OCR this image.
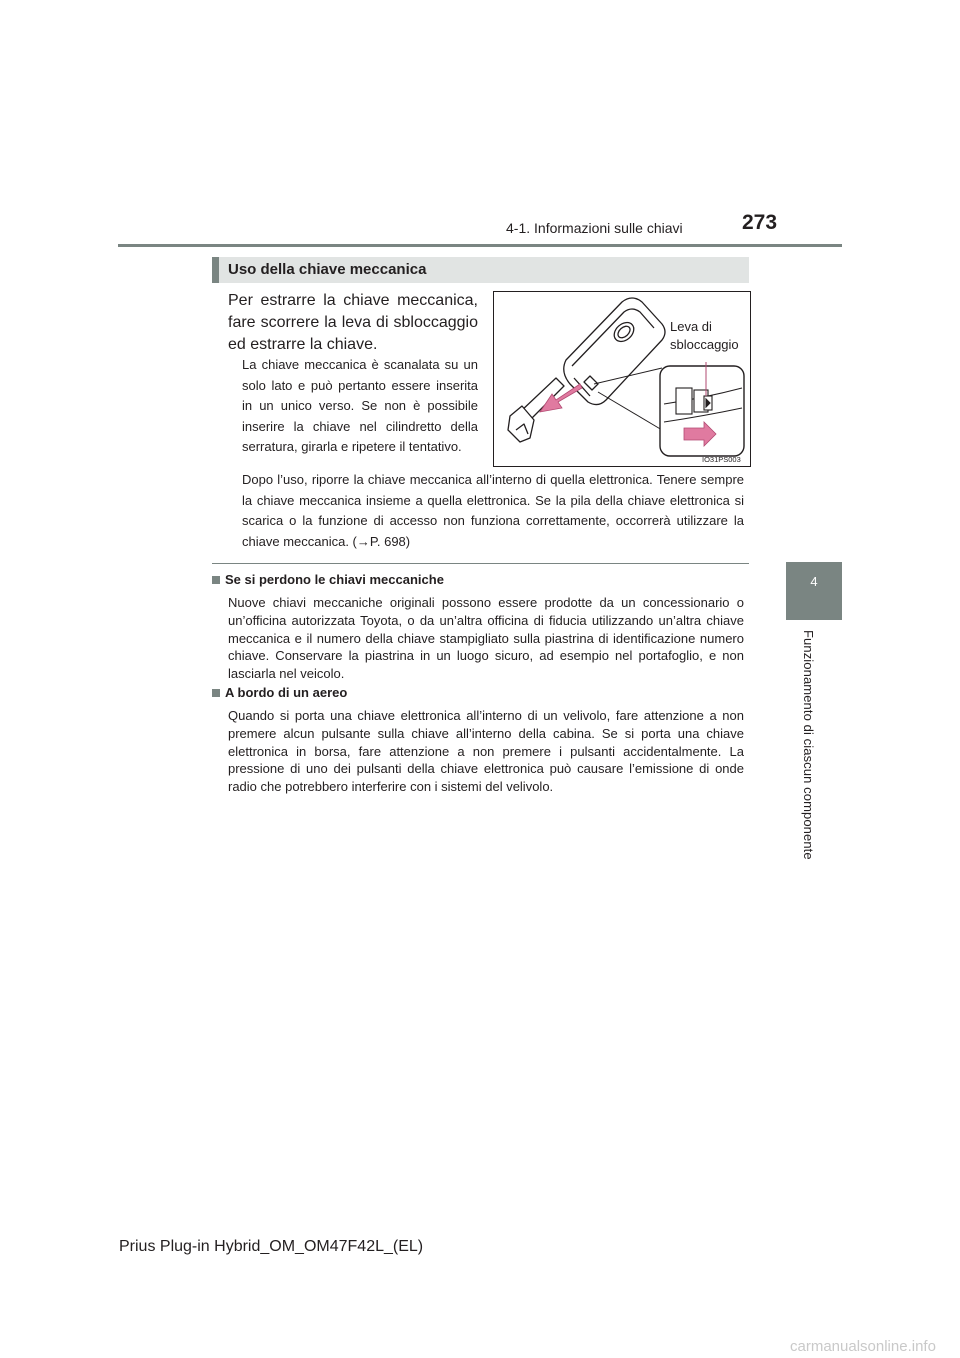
4-1. Informazioni sulle chiavi	273
4
Funzionamento di ciascun componente
Uso della chiave meccanica
Per estrarre la chiave meccanica, fare scorrere la leva di sbloccaggio ed estrarre la chiave.
La chiave meccanica è scanalata su un solo lato e può pertanto essere inserita in un unico verso. Se non è possibile inserire la chiave nel cilindretto della serratura, girarla e ripetere il tentativo.
Dopo l’uso, riporre la chiave meccanica all’interno di quella elettronica. Tenere sempre la chiave meccanica insieme a quella elettronica. Se la pila della chiave elettronica si scarica o la funzione di accesso non funziona correttamente, occorrerà utilizzare la chiave meccanica. (→P. 698)
Leva di
sbloccaggio
IO31PS003
Se si perdono le chiavi meccaniche
Nuove chiavi meccaniche originali possono essere prodotte da un concessionario o un’officina autorizzata Toyota, o da un’altra officina di fiducia utilizzando un’altra chiave meccanica e il numero della chiave stampigliato sulla piastrina di identificazione numero chiave. Conservare la piastrina in un luogo sicuro, ad esempio nel portafoglio, e non lasciarla nel veicolo.
A bordo di un aereo
Quando si porta una chiave elettronica all’interno di un velivolo, fare attenzione a non premere alcun pulsante sulla chiave all’interno della cabina. Se si porta una chiave elettronica in borsa, fare attenzione a non premere i pulsanti accidentalmente. La pressione di uno dei pulsanti della chiave elettronica può causare l’emissione di onde radio che potrebbero interferire con i sistemi del velivolo.
Prius Plug-in Hybrid_OM_OM47F42L_(EL)
carmanualsonline.info
